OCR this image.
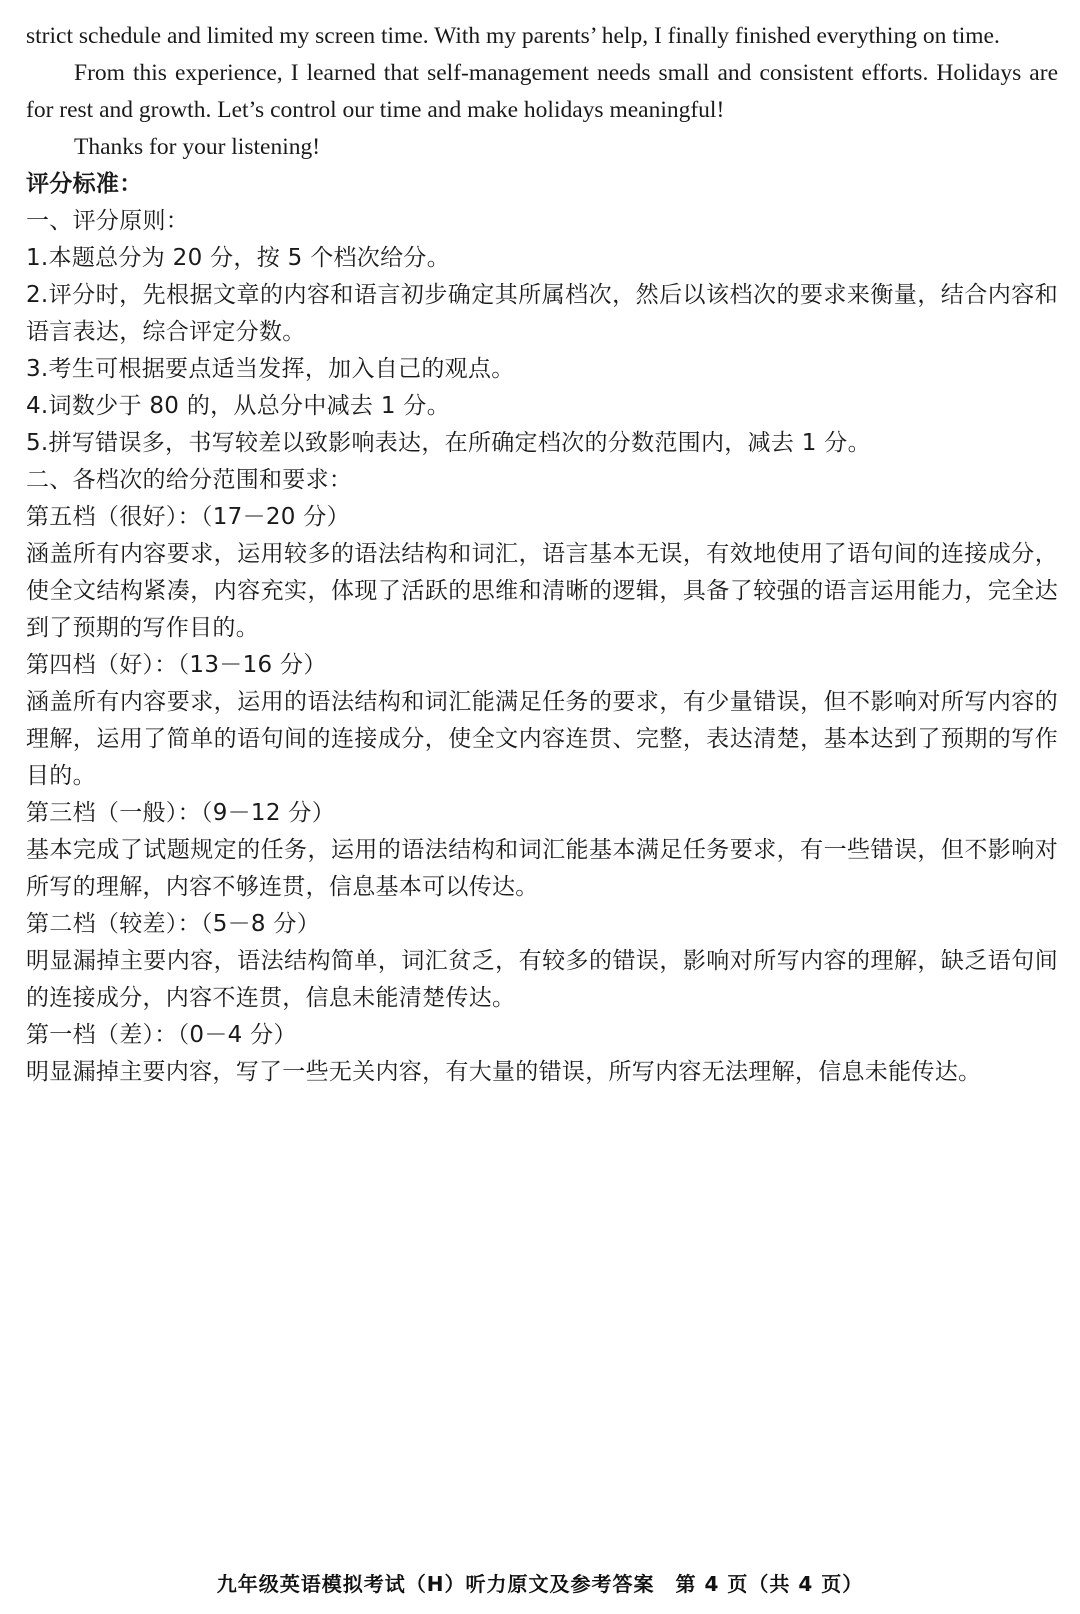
strict schedule and limited my screen time. With my parents’ help, I finally finished everything on time.

From this experience, I learned that self-management needs small and consistent efforts. Holidays are for rest and growth. Let’s control our time and make holidays meaningful!

Thanks for your listening!

评分标准：

一、评分原则：

1.本题总分为 20 分，按 5 个档次给分。

2.评分时，先根据文章的内容和语言初步确定其所属档次，然后以该档次的要求来衡量，结合内容和语言表达，综合评定分数。

3.考生可根据要点适当发挥，加入自己的观点。

4.词数少于 80 的，从总分中减去 1 分。

5.拼写错误多，书写较差以致影响表达，在所确定档次的分数范围内，减去 1 分。

二、各档次的给分范围和要求：

第五档（很好）：（17－20 分）

涵盖所有内容要求，运用较多的语法结构和词汇，语言基本无误，有效地使用了语句间的连接成分，使全文结构紧凑，内容充实，体现了活跃的思维和清晰的逻辑，具备了较强的语言运用能力，完全达到了预期的写作目的。

第四档（好）：（13－16 分）

涵盖所有内容要求，运用的语法结构和词汇能满足任务的要求，有少量错误，但不影响对所写内容的理解，运用了简单的语句间的连接成分，使全文内容连贯、完整，表达清楚，基本达到了预期的写作目的。

第三档（一般）：（9－12 分）

基本完成了试题规定的任务，运用的语法结构和词汇能基本满足任务要求，有一些错误，但不影响对所写的理解，内容不够连贯，信息基本可以传达。

第二档（较差）：（5－8 分）

明显漏掉主要内容，语法结构简单，词汇贫乏，有较多的错误，影响对所写内容的理解，缺乏语句间的连接成分，内容不连贯，信息未能清楚传达。

第一档（差）：（0－4 分）

明显漏掉主要内容，写了一些无关内容，有大量的错误，所写内容无法理解，信息未能传达。

九年级英语模拟考试（H）听力原文及参考答案　第 4 页（共 4 页）
